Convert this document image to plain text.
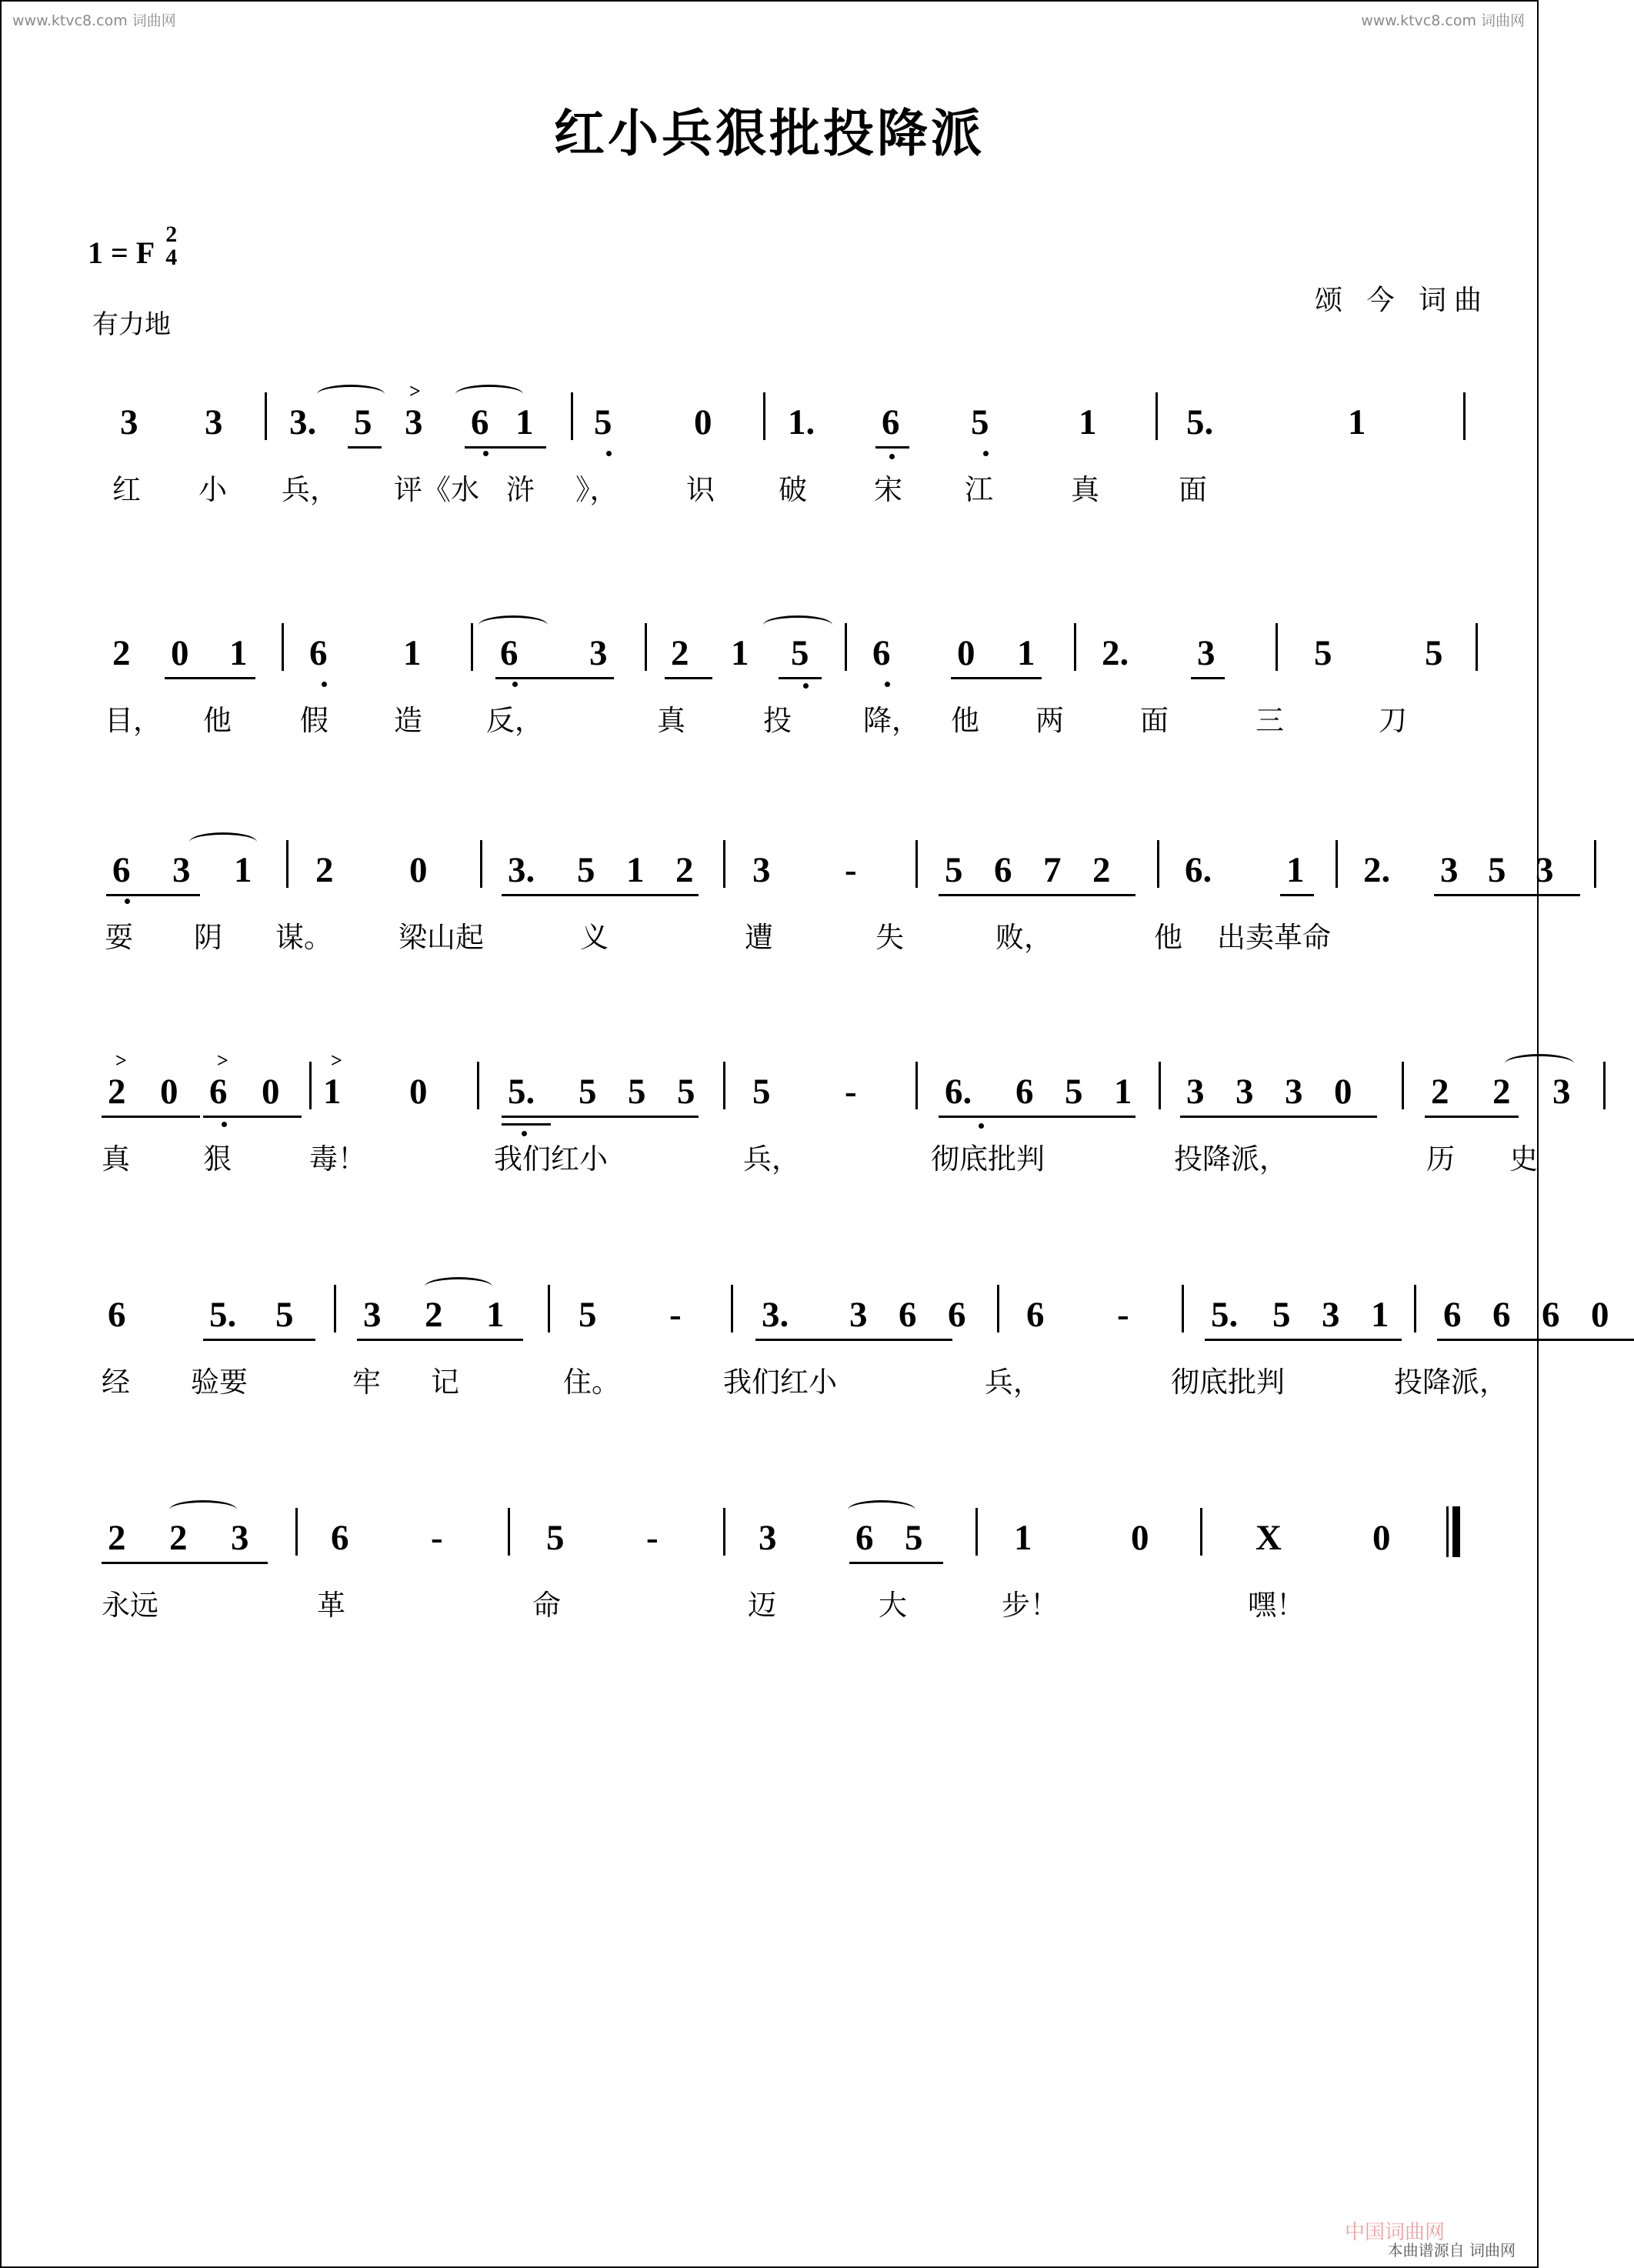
www.ktvc8.com 词曲网	www.ktvc8.com 词曲网
红小兵狠批投降派
1 = F
2
4
有力地
颂 今 词曲
3 3 3. 5
>
3 6 1 5 0 1. 6 5 1 5.	1
红 小 兵， 评《水 浒 》， 识 破 宋 江	真	面
2 0 1 6 1 6 3 2 1 5 6 0 1 2. 3	5	5
目， 他 假 造 反，	真	投	降， 他 两	面	三	刀
6 3 1 2 0 3. 5 1 2 3 - 5 6 7 2 6. 1 2. 3 5 3
耍 阴 谋。 梁山起	义	遭	失	败，	他 出卖革命
>
2 0
>
6 0
>
1 0 5. 5 5 5 5 - 6. 6 5 1 3 3 3 0 2 2 3
真	狠	毒！	我们红小	兵，	彻底批判	投降派，	历 史
6 5. 5 3 2 1 5 - 3. 3 6 6 6 - 5. 5 3 1 6 6 6 0
经 验要	牢 记	住。	我们红小	兵，	彻底批判	投降派，
2 2 3 6 -	5 -	3 6 5	1	0	X	0
永远	革	命	迈	大	步！	嘿！
中国词曲网
本曲谱源自 词曲网
